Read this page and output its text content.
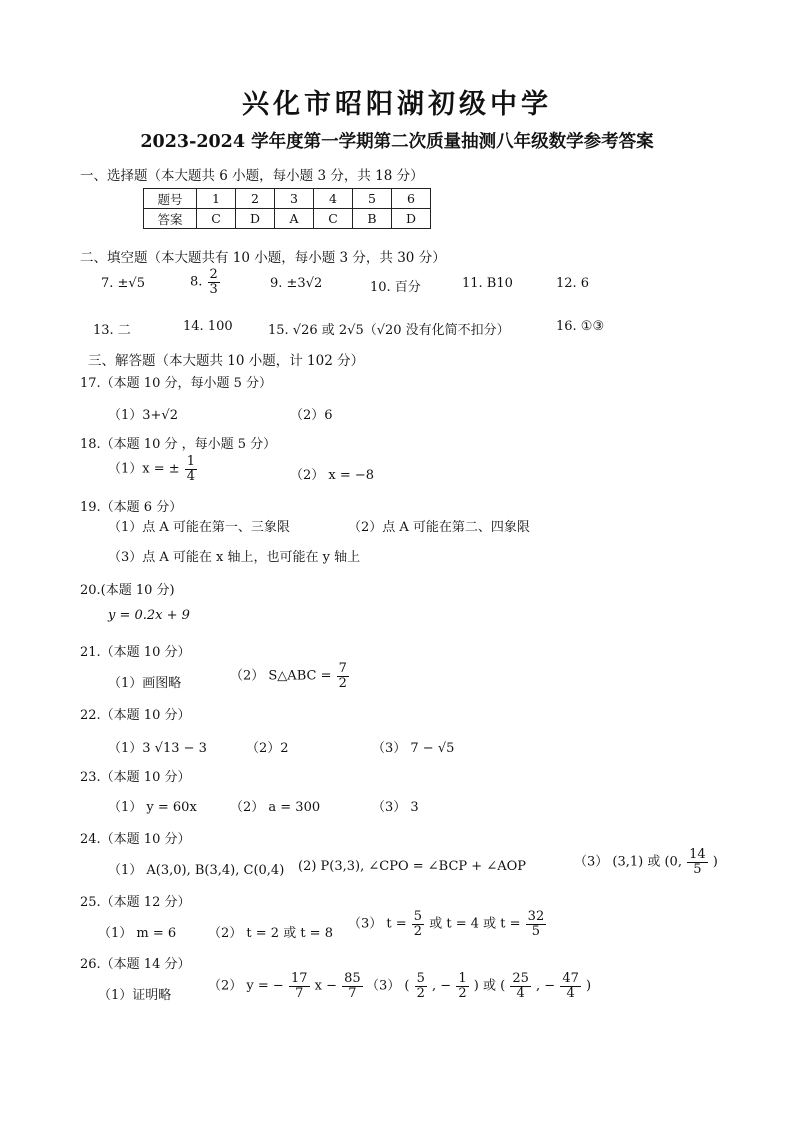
兴化市昭阳湖初级中学
2023-2024 学年度第一学期第二次质量抽测八年级数学参考答案
一、选择题（本大题共 6 小题，每小题 3 分，共 18 分）
题号	1	2	3	4	5	6
答案	C	D	A	C	B	D
二、填空题（本大题共有 10 小题，每小题 3 分，共 30 分）
7. ±√5	8. $\frac{2}{3}$	9. ±3√2	10. 百分	11. B10	12. 6
13. 二	14. 100	15. √26 或 2√5（√20 没有化简不扣分）	16. ①③
三、解答题（本大题共 10 小题，计 102 分）
17.（本题 10 分，每小题 5 分）
（1）3+√2	（2）6
18.（本题 10 分 ，每小题 5 分）
（1）x = ± $\frac{1}{4}$	（2） x = −8
19.（本题 6 分）
（1）点 A 可能在第一、三象限	（2）点 A 可能在第二、四象限
（3）点 A 可能在 x 轴上，也可能在 y 轴上
20.(本题 10 分)
y = 0.2x + 9
21.（本题 10 分）
（1）画图略	（2） S△ABC = $\frac{7}{2}$
22.（本题 10 分）
（1）3 √13 − 3	（2）2	（3） 7 − √5
23.（本题 10 分）
（1） y = 60x	（2） a = 300	（3） 3
24.（本题 10 分）
（1） A(3,0), B(3,4), C(0,4) (2) P(3,3), ∠CPO = ∠BCP + ∠AOP	（3） (3,1) 或 (0, $\frac{14}{5}$ )
25.（本题 12 分）
（1） m = 6 （2） t = 2 或 t = 8
（3） $t = \frac{5}{2}$ 或 t = 4 或 $t = \frac{32}{5}$
26.（本题 14 分）
（1）证明略
（2） y = − $\frac{17}{7}$ $x - \frac{85}{7} (3)$ ( $\frac{5}{2}$ , − $\frac{1}{2}$ ) 或 ( $\frac{25}{4}$ , − $\frac{47}{4}$ )
